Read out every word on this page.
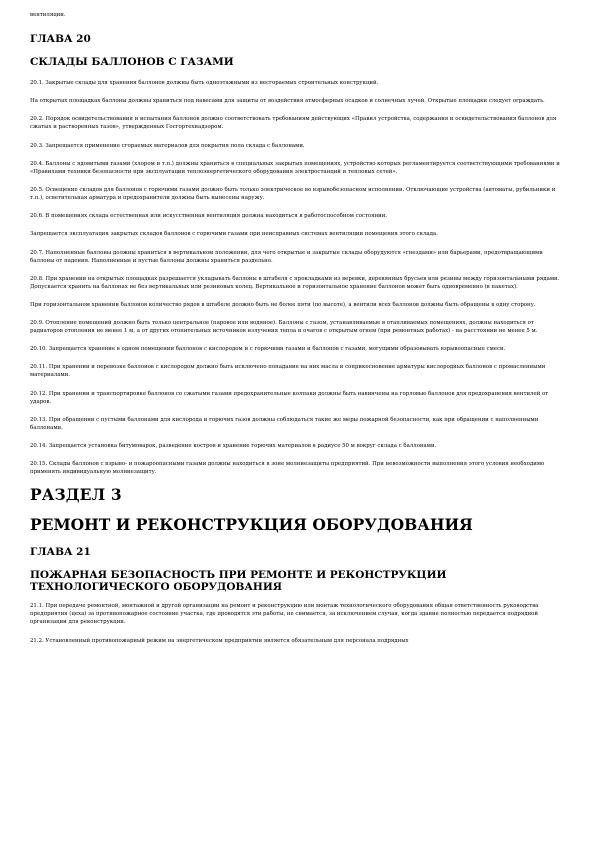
вентиляции.
ГЛАВА 20
СКЛАДЫ БАЛЛОНОВ С ГАЗАМИ

20.1. Закрытые склады для хранения баллонов должны быть одноэтажными из несгораемых строительных конструкций.

На открытых площадках баллоны должны храниться под навесами для защиты от воздействия атмосферных осадков и солнечных лучей. Открытые площадки следует ограждать.

20.2. Порядок освидетельствования и испытания баллонов должно соответствовать требованиям действующих «Правил устройства, содержания и освидетельствования баллонов для сжатых и растворенных газов», утвержденных Госгортехнадзором.

20.3. Запрещается применение сгораемых материалов для покрытия пола склада с баллонами.

20.4. Баллоны с ядовитыми газами (хлором и т.п.) должны храниться в специальных закрытых помещениях, устройство которых регламентируется соответствующими требованиями и «Правилами техники безопасности при эксплуатации теплоэнергетического оборудования электростанций и тепловых сетей».

20.5. Освещение складов для баллонов с горючими газами должно быть только электрическое во взрывобезопасном исполнении. Отключающие устройства (автоматы, рубильники и т.п.), осветительная арматура и предохранители должны быть вынесены наружу.

20.6. В помещениях склада естественная или искусственная вентиляция должна находиться в работоспособном состоянии.

Запрещается эксплуатация закрытых складов баллонов с горючими газами при неисправных системах вентиляции помещения этого склада.

20.7. Наполненные баллоны должны храниться в вертикальном положении, для чего открытые и закрытые склады оборудуются «гнездами» или барьерами, предотвращающими баллоны от падения. Наполненные и пустые баллоны должны храниться раздельно.

20.8. При хранении на открытых площадках разрешается укладывать баллоны в штабеля с прокладками из веревки, деревянных брусьев или резины между горизонтальными рядами. Допускается хранить на баллонах не без вертикальных или резиновых колец. Вертикальное и горизонтальное хранение баллонов может быть одновременно (в пакетах).

При горизонтальном хранении баллонов количество рядов в штабеле должно быть не более пяти (по высоте), а вентили всех баллонов должны быть обращены в одну сторону.

20.9. Отопление помещений должно быть только центральное (паровое или водяное). Баллоны с газом, устанавливаемые в отапливаемых помещениях, должны находиться от радиаторов отопления не менее 1 м, а от других отопительных источников излучения тепла и очагов с открытым огнем (при ремонтных работах) - на расстоянии не менее 5 м.

20.10. Запрещается хранение в одном помещении баллонов с кислородом и с горючими газами и баллонов с газами, могущими образовывать взрывоопасные смеси.

20.11. При хранении и перевозке баллонов с кислородом должно быть исключено попадание на них масла и соприкосновение арматуры кислородных баллонов с промасленными материалами.

20.12. При хранении и транспортировке баллонов со сжатыми газами предохранительные колпаки должны быть навинчены на горловые баллонов для предохранения вентилей от ударов.

20.13. При обращении с пустыми баллонами для кислорода и горючих газов должны соблюдаться такие же меры пожарной безопасности, как при обращении с наполненными баллонами.

20.14. Запрещается установка битумоварок, разведение костров и хранение горючих материалов в радиусе 50 м вокруг склада с баллонами.

20.15. Склады баллонов с взрыво- и пожароопасными газами должны находиться в зоне молниезащиты предприятий. При невозможности выполнения этого условия необходимо применять индивидуальную молниезащиту.

РАЗДЕЛ 3
РЕМОНТ И РЕКОНСТРУКЦИЯ ОБОРУДОВАНИЯ
ГЛАВА 21
ПОЖАРНАЯ БЕЗОПАСНОСТЬ ПРИ РЕМОНТЕ И РЕКОНСТРУКЦИИ
ТЕХНОЛОГИЧЕСКОГО ОБОРУДОВАНИЯ

21.1. При передаче ремонтной, монтажной и другой организации на ремонт и реконструкцию или монтаж технологического оборудования общая ответственность руководства предприятия (цеха) за противопожарное состояние участка, где проводятся эти работы, не снимается, за исключением случая, когда здание полностью передается подрядной организации для реконструкции.

21.2. Установленный противопожарный режим на энергетическом предприятии является обязательным для персонала подрядных
